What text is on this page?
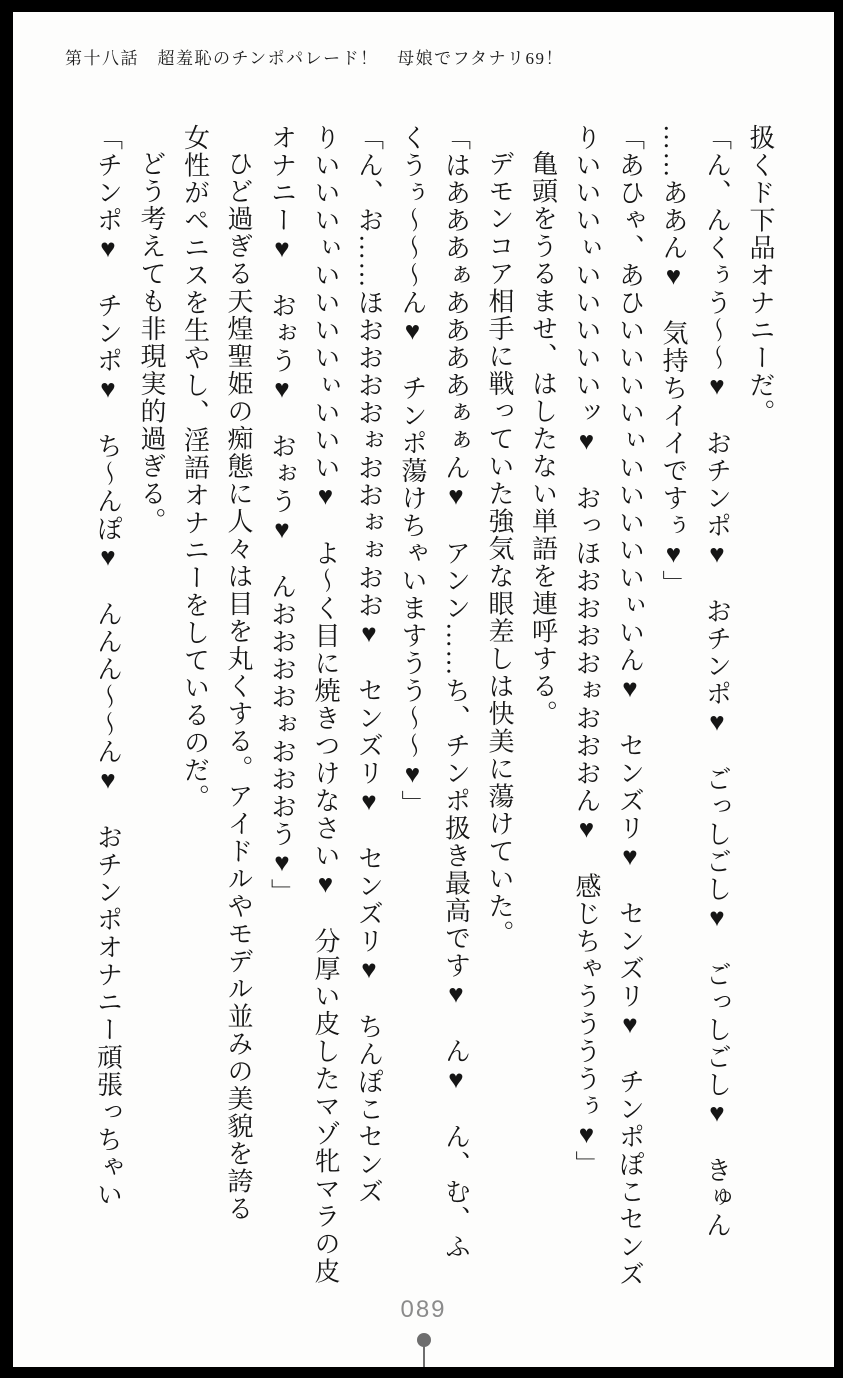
第十八話　超羞恥のチンポパレード！　母娘でフタナリ69！

扱くド下品オナニーだ。

「ん、んくぅう～～♥　おチンポ♥　おチンポ♥　ごっしごし♥　ごっしごし♥　きゅん

……ああん♥　気持ちイイですぅ♥」

「あひゃ、あひいいいいぃいいいいいぃいん♥　センズリ♥　センズリ♥　チンポぽこセンズ

りいいいぃいいいいいッ♥　おっほおおおおぉおおおん♥　感じちゃううううぅ♥」

亀頭をうるませ、はしたない単語を連呼する。

デモンコア相手に戦っていた強気な眼差しは快美に蕩けていた。

「はあああぁああああぁぁん♥　アンン……ち、チンポ扱き最高です♥　ん♥　ん、む、ふ

くうぅ～～～ん♥　チンポ蕩けちゃいますうう～～♥」

「ん、お……ほおおおおぉおおぉぉおお♥　センズリ♥　センズリ♥　ちんぽこセンズ

りいいいぃいいいいぃいいい♥　よ～く目に焼きつけなさい♥　分厚い皮したマゾ牝マラの皮

オナニー♥　おぉう♥　おぉう♥　んおおおおぉおおおう♥」

ひど過ぎる天煌聖姫の痴態に人々は目を丸くする。アイドルやモデル並みの美貌を誇る

女性がペニスを生やし、淫語オナニーをしているのだ。

どう考えても非現実的過ぎる。

「チンポ♥　チンポ♥　ち～んぽ♥　んんん～～ん♥　おチンポオナニー頑張っちゃい

089
